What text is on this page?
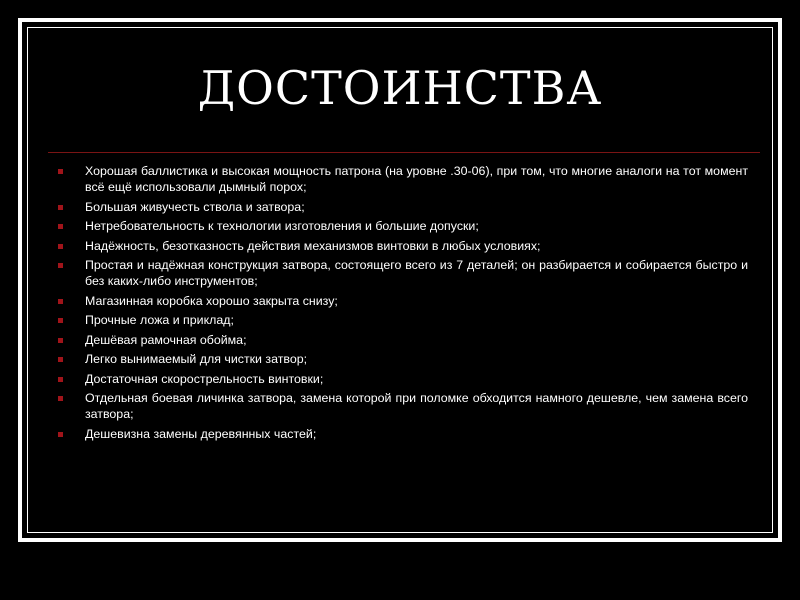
ДОСТОИНСТВА
Хорошая баллистика и высокая мощность патрона (на уровне .30-06), при том, что многие аналоги на тот момент всё ещё использовали дымный порох;
Большая живучесть ствола и затвора;
Нетребовательность к технологии изготовления и большие допуски;
Надёжность, безотказность действия механизмов винтовки в любых условиях;
Простая и надёжная конструкция затвора, состоящего всего из 7 деталей; он разбирается и собирается быстро и без каких-либо инструментов;
Магазинная коробка хорошо закрыта снизу;
Прочные ложа и приклад;
Дешёвая рамочная обойма;
Легко вынимаемый для чистки затвор;
Достаточная скорострельность винтовки;
Отдельная боевая личинка затвора, замена которой при поломке обходится намного дешевле, чем замена всего затвора;
Дешевизна замены деревянных частей;
